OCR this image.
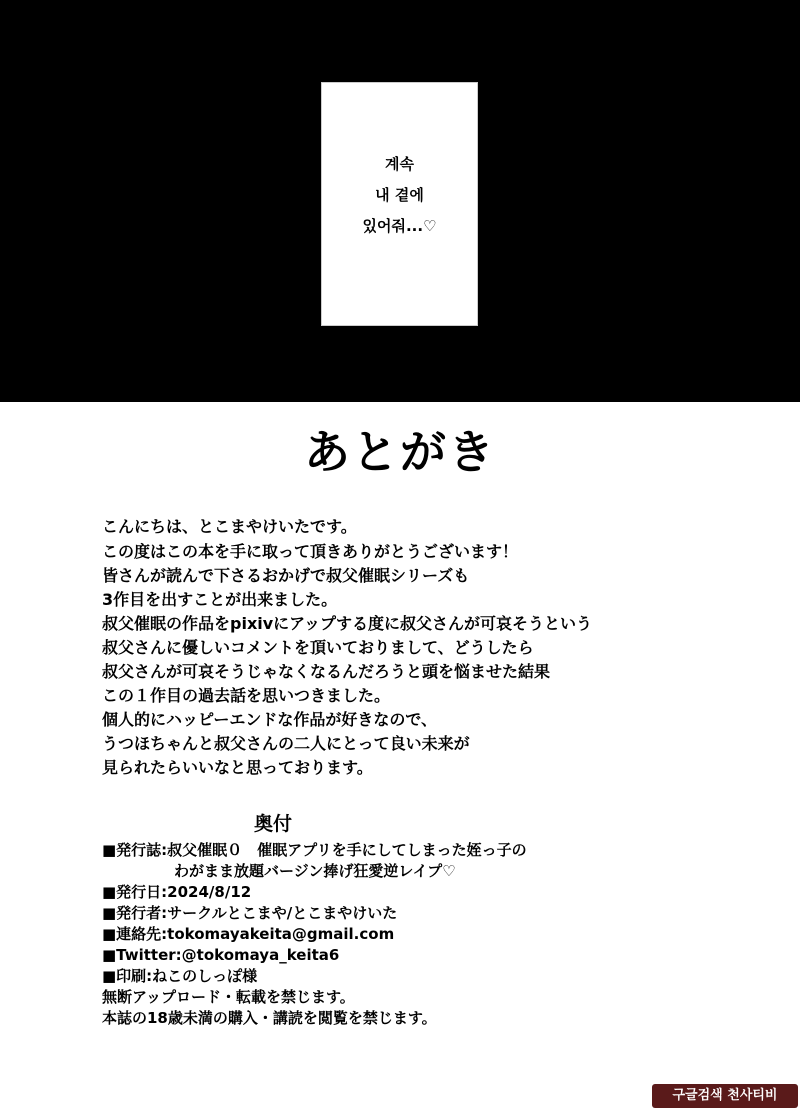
계속
내 곁에
있어줘...♡
あとがき
こんにちは、とこまやけいたです。
この度はこの本を手に取って頂きありがとうございます！
皆さんが読んで下さるおかげで叔父催眠シリーズも
3作目を出すことが出来ました。
叔父催眠の作品をpixivにアップする度に叔父さんが可哀そうという
叔父さんに優しいコメントを頂いておりまして、どうしたら
叔父さんが可哀そうじゃなくなるんだろうと頭を悩ませた結果
この１作目の過去話を思いつきました。
個人的にハッピーエンドな作品が好きなので、
うつほちゃんと叔父さんの二人にとって良い未来が
見られたらいいなと思っております。
奥付
■発行誌:叔父催眠０　催眠アプリを手にしてしまった姪っ子の
わがまま放題バージン捧げ狂愛逆レイプ♡
■発行日:2024/8/12
■発行者:サークルとこまや/とこまやけいた
■連絡先:tokomayakeita@gmail.com
■Twitter:@tokomaya_keita6
■印刷:ねこのしっぽ様
無断アップロード・転載を禁じます。
本誌の18歳未満の購入・講読を閲覧を禁じます。
구글검색 천사티비
